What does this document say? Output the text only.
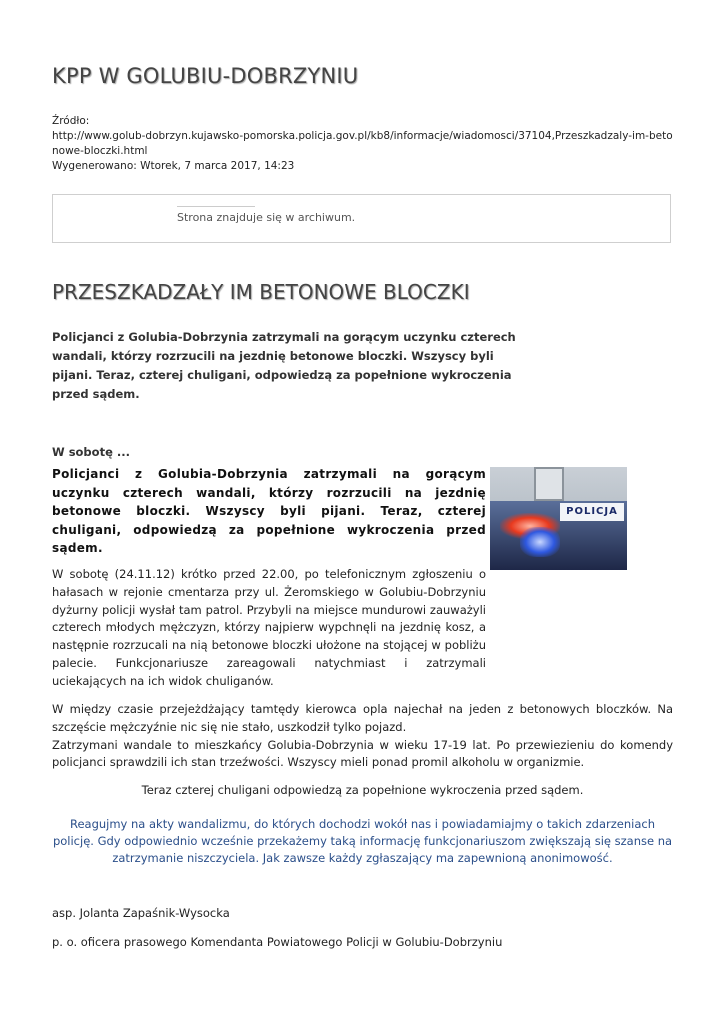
KPP W GOLUBIU-DOBRZYNIU
Źródło:
http://www.golub-dobrzyn.kujawsko-pomorska.policja.gov.pl/kb8/informacje/wiadomosci/37104,Przeszkadzaly-im-betonowe-bloczki.html
Wygenerowano: Wtorek, 7 marca 2017, 14:23
Strona znajduje się w archiwum.
PRZESZKADZAŁY IM BETONOWE BLOCZKI
Policjanci z Golubia-Dobrzynia zatrzymali na gorącym uczynku czterech wandali, którzy rozrzucili na jezdnię betonowe bloczki. Wszyscy byli pijani. Teraz, czterej chuligani, odpowiedzą za popełnione wykroczenia przed sądem.
W sobotę ...
Policjanci z Golubia-Dobrzynia zatrzymali na gorącym uczynku czterech wandali, którzy rozrzucili na jezdnię betonowe bloczki. Wszyscy byli pijani. Teraz, czterej chuligani, odpowiedzą za popełnione wykroczenia przed sądem.
POLICJA
W sobotę (24.11.12) krótko przed 22.00, po telefonicznym zgłoszeniu o hałasach w rejonie cmentarza przy ul. Żeromskiego w Golubiu-Dobrzyniu dyżurny policji wysłał tam patrol. Przybyli na miejsce mundurowi zauważyli czterech młodych mężczyzn, którzy najpierw wypchnęli na jezdnię kosz, a następnie rozrzucali na nią betonowe bloczki ułożone na stojącej w pobliżu palecie. Funkcjonariusze zareagowali natychmiast i zatrzymali uciekających na ich widok chuliganów.
W między czasie przejeżdżający tamtędy kierowca opla najechał na jeden z betonowych bloczków. Na szczęście mężczyźnie nic się nie stało, uszkodził tylko pojazd.
Zatrzymani wandale to mieszkańcy Golubia-Dobrzynia w wieku 17-19 lat. Po przewiezieniu do komendy policjanci sprawdzili ich stan trzeźwości. Wszyscy mieli ponad promil alkoholu w organizmie.
Teraz czterej chuligani odpowiedzą za popełnione wykroczenia przed sądem.
Reagujmy na akty wandalizmu, do których dochodzi wokół nas i powiadamiajmy o takich zdarzeniach policję. Gdy odpowiednio wcześnie przekażemy taką informację funkcjonariuszom zwiększają się szanse na zatrzymanie niszczyciela. Jak zawsze każdy zgłaszający ma zapewnioną anonimowość.
asp. Jolanta Zapaśnik-Wysocka
p. o. oficera prasowego Komendanta Powiatowego Policji w Golubiu-Dobrzyniu
